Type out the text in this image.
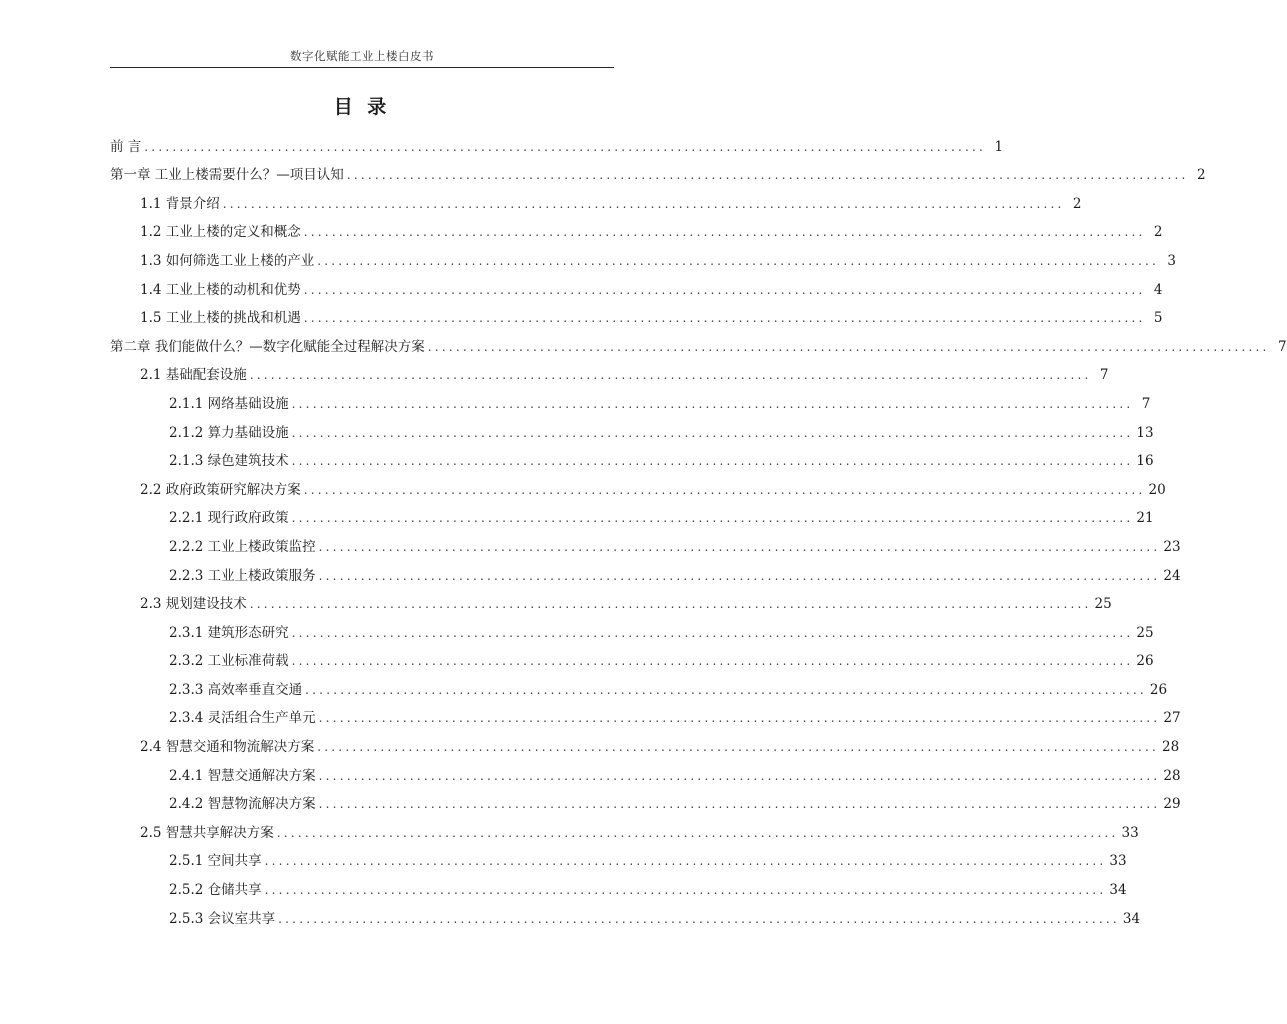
数字化赋能工业上楼白皮书
目 录
前 言 ........................................................................................................................ 1
第一章 工业上楼需要什么？—项目认知 ........................................................................................................................ 2
1.1 背景介绍 ........................................................................................................................ 2
1.2 工业上楼的定义和概念 ........................................................................................................................ 2
1.3 如何筛选工业上楼的产业 ........................................................................................................................ 3
1.4 工业上楼的动机和优势 ........................................................................................................................ 4
1.5 工业上楼的挑战和机遇 ........................................................................................................................ 5
第二章 我们能做什么？—数字化赋能全过程解决方案 ........................................................................................................................ 7
2.1 基础配套设施 ........................................................................................................................ 7
2.1.1 网络基础设施 ........................................................................................................................ 7
2.1.2 算力基础设施 ........................................................................................................................ 13
2.1.3 绿色建筑技术 ........................................................................................................................ 16
2.2 政府政策研究解决方案 ........................................................................................................................ 20
2.2.1 现行政府政策 ........................................................................................................................ 21
2.2.2 工业上楼政策监控 ........................................................................................................................ 23
2.2.3 工业上楼政策服务 ........................................................................................................................ 24
2.3 规划建设技术 ........................................................................................................................ 25
2.3.1 建筑形态研究 ........................................................................................................................ 25
2.3.2 工业标准荷载 ........................................................................................................................ 26
2.3.3 高效率垂直交通 ........................................................................................................................ 26
2.3.4 灵活组合生产单元 ........................................................................................................................ 27
2.4 智慧交通和物流解决方案 ........................................................................................................................ 28
2.4.1 智慧交通解决方案 ........................................................................................................................ 28
2.4.2 智慧物流解决方案 ........................................................................................................................ 29
2.5 智慧共享解决方案 ........................................................................................................................ 33
2.5.1 空间共享 ........................................................................................................................ 33
2.5.2 仓储共享 ........................................................................................................................ 34
2.5.3 会议室共享 ........................................................................................................................ 34
